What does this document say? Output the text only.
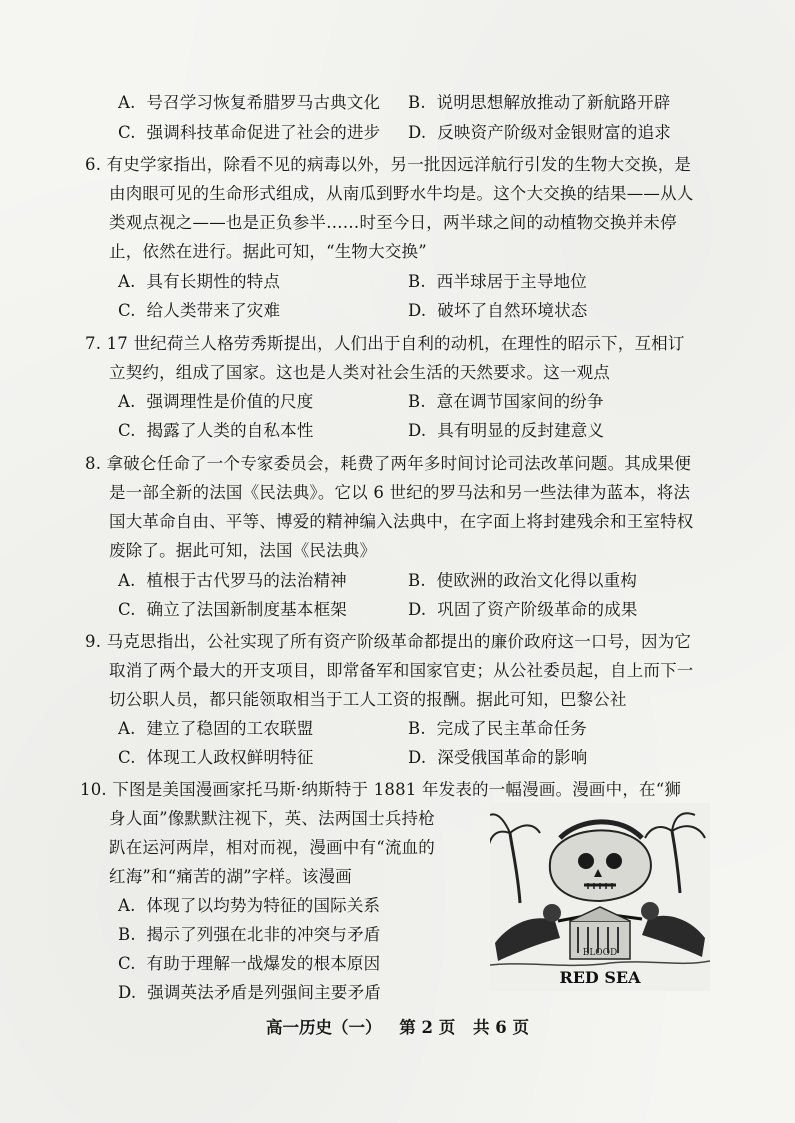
A. 号召学习恢复希腊罗马古典文化 B. 说明思想解放推动了新航路开辟
C. 强调科技革命促进了社会的进步 D. 反映资产阶级对金银财富的追求
6. 有史学家指出，除看不见的病毒以外，另一批因远洋航行引发的生物大交换，是
由肉眼可见的生命形式组成，从南瓜到野水牛均是。这个大交换的结果——从人
类观点视之——也是正负参半……时至今日，两半球之间的动植物交换并未停
止，依然在进行。据此可知，“生物大交换”
A. 具有长期性的特点	B. 西半球居于主导地位
C. 给人类带来了灾难	D. 破坏了自然环境状态
7. 17 世纪荷兰人格劳秀斯提出，人们出于自利的动机，在理性的昭示下，互相订
立契约，组成了国家。这也是人类对社会生活的天然要求。这一观点
A. 强调理性是价值的尺度	B. 意在调节国家间的纷争
C. 揭露了人类的自私本性	D. 具有明显的反封建意义
8. 拿破仑任命了一个专家委员会，耗费了两年多时间讨论司法改革问题。其成果便
是一部全新的法国《民法典》。它以 6 世纪的罗马法和另一些法律为蓝本，将法
国大革命自由、平等、博爱的精神编入法典中，在字面上将封建残余和王室特权
废除了。据此可知，法国《民法典》
A. 植根于古代罗马的法治精神	B. 使欧洲的政治文化得以重构
C. 确立了法国新制度基本框架	D. 巩固了资产阶级革命的成果
9. 马克思指出，公社实现了所有资产阶级革命都提出的廉价政府这一口号，因为它
取消了两个最大的开支项目，即常备军和国家官吏；从公社委员起，自上而下一
切公职人员，都只能领取相当于工人工资的报酬。据此可知，巴黎公社
A. 建立了稳固的工农联盟	B. 完成了民主革命任务
C. 体现工人政权鲜明特征	D. 深受俄国革命的影响
10. 下图是美国漫画家托马斯·纳斯特于 1881 年发表的一幅漫画。漫画中，在“狮
身人面”像默默注视下，英、法两国士兵持枪
趴在运河两岸，相对而视，漫画中有“流血的
红海”和“痛苦的湖”字样。该漫画
A. 体现了以均势为特征的国际关系
B. 揭示了列强在北非的冲突与矛盾
C. 有助于理解一战爆发的根本原因
D. 强调英法矛盾是列强间主要矛盾
BLOOD
RED SEA
高一历史（一） 第 2 页 共 6 页
